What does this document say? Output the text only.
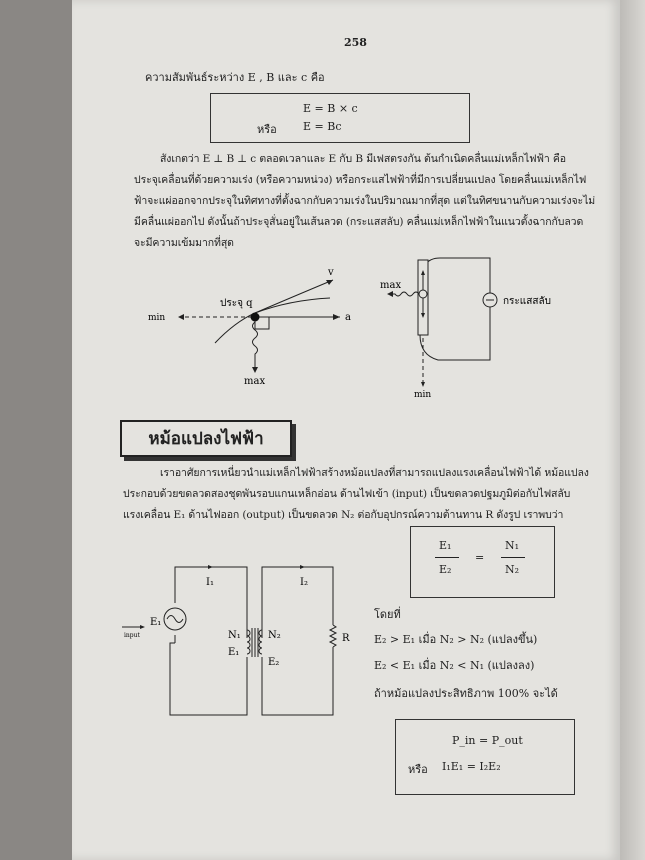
258
ความสัมพันธ์ระหว่าง E , B และ c คือ
E = B × c
หรือ E = Bc
สังเกตว่า E ⊥ B ⊥ c ตลอดเวลาและ E กับ B มีเฟสตรงกัน ต้นกำเนิดคลื่นแม่เหล็กไฟฟ้า คือ
ประจุเคลื่อนที่ด้วยความเร่ง (หรือความหน่วง) หรือกระแสไฟฟ้าที่มีการเปลี่ยนแปลง โดยคลื่นแม่เหล็กไฟ
ฟ้าจะแผ่ออกจากประจุในทิศทางที่ตั้งฉากกับความเร่งในปริมาณมากที่สุด แต่ในทิศขนานกับความเร่งจะไม่
มีคลื่นแผ่ออกไป ดังนั้นถ้าประจุสั่นอยู่ในเส้นลวด (กระแสสลับ) คลื่นแม่เหล็กไฟฟ้าในแนวตั้งฉากกับลวด
จะมีความเข้มมากที่สุด
v
a
ประจุ q
min
max
max
min
กระแสสลับ
หม้อแปลงไฟฟ้า
เราอาศัยการเหนี่ยวนำแม่เหล็กไฟฟ้าสร้างหม้อแปลงที่สามารถแปลงแรงเคลื่อนไฟฟ้าได้ หม้อแปลง
ประกอบด้วยขดลวดสองชุดพันรอบแกนเหล็กอ่อน ด้านไฟเข้า (input) เป็นขดลวดปฐมภูมิต่อกับไฟสลับ
แรงเคลื่อน E₁ ด้านไฟออก (output) เป็นขดลวด N₂ ต่อกับอุปกรณ์ความต้านทาน R ดังรูป เราพบว่า
E₁
E₂
=
N₁
N₂
input
E₁
I₁	I₂
N₁	N₂
E₁
E₂
R
โดยที่
E₂ > E₁ เมื่อ N₂ > N₂ (แปลงขึ้น)
E₂ < E₁ เมื่อ N₂ < N₁ (แปลงลง)
ถ้าหม้อแปลงประสิทธิภาพ 100% จะได้
P_in = P_out
หรือ I₁E₁ = I₂E₂
